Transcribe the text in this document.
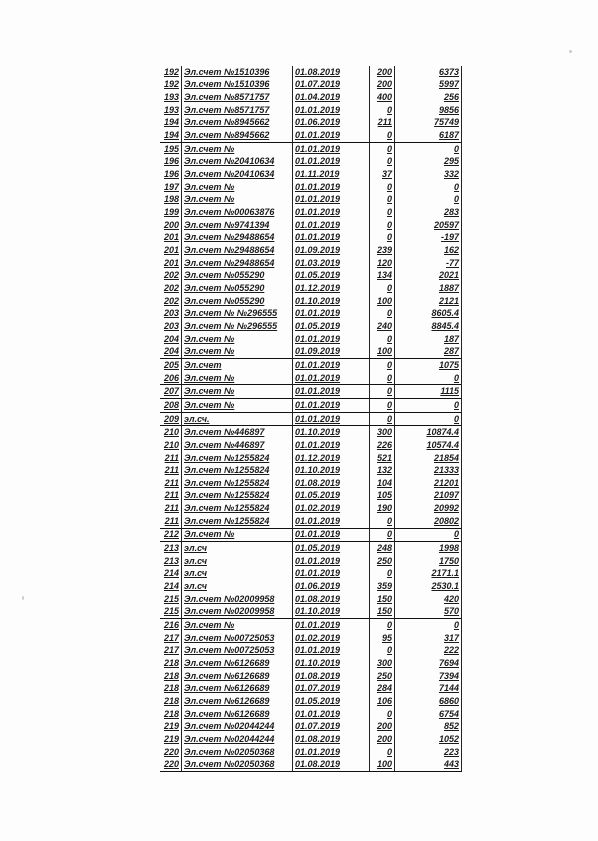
192	Эл.счет №1510396	01.08.2019	200	6373
192	Эл.счет №1510396	01.07.2019	200	5997
193	Эл.счет №8571757	01.04.2019	400	256
193	Эл.счет №8571757	01.01.2019	0	9856
194	Эл.счет №8945662	01.06.2019	211	75749
194	Эл.счет №8945662	01.01.2019	0	6187
195	Эл.счет №	01.01.2019	0	0
196	Эл.счет №20410634	01.01.2019	0	295
196	Эл.счет №20410634	01.11.2019	37	332
197	Эл.счет №	01.01.2019	0	0
198	Эл.счет №	01.01.2019	0	0
199	Эл.счет №00063876	01.01.2019	0	283
200	Эл.счет №9741394	01.01.2019	0	20597
201	Эл.счет №29488654	01.01.2019	0	-197
201	Эл.счет №29488654	01.09.2019	239	162
201	Эл.счет №29488654	01.03.2019	120	-77
202	Эл.счет №055290	01.05.2019	134	2021
202	Эл.счет №055290	01.12.2019	0	1887
202	Эл.счет №055290	01.10.2019	100	2121
203	Эл.счет № №296555	01.01.2019	0	8605.4
203	Эл.счет № №296555	01.05.2019	240	8845.4
204	Эл.счет №	01.01.2019	0	187
204	Эл.счет №	01.09.2019	100	287
205	Эл.счет	01.01.2019	0	1075
206	Эл.счет №	01.01.2019	0	0
207	Эл.счет №	01.01.2019	0	1115
208	Эл.счет №	01.01.2019	0	0
209	эл.сч.	01.01.2019	0	0
210	Эл.счет №446897	01.10.2019	300	10874.4
210	Эл.счет №446897	01.01.2019	226	10574.4
211	Эл.счет №1255824	01.12.2019	521	21854
211	Эл.счет №1255824	01.10.2019	132	21333
211	Эл.счет №1255824	01.08.2019	104	21201
211	Эл.счет №1255824	01.05.2019	105	21097
211	Эл.счет №1255824	01.02.2019	190	20992
211	Эл.счет №1255824	01.01.2019	0	20802
212	Эл.счет №	01.01.2019	0	0
213	эл.сч	01.05.2019	248	1998
213	эл.сч	01.01.2019	250	1750
214	эл.сч	01.01.2019	0	2171.1
214	эл.сч	01.06.2019	359	2530.1
215	Эл.счет №02009958	01.08.2019	150	420
215	Эл.счет №02009958	01.10.2019	150	570
216	Эл.счет №	01.01.2019	0	0
217	Эл.счет №00725053	01.02.2019	95	317
217	Эл.счет №00725053	01.01.2019	0	222
218	Эл.счет №6126689	01.10.2019	300	7694
218	Эл.счет №6126689	01.08.2019	250	7394
218	Эл.счет №6126689	01.07.2019	284	7144
218	Эл.счет №6126689	01.05.2019	106	6860
218	Эл.счет №6126689	01.01.2019	0	6754
219	Эл.счет №02044244	01.07.2019	200	852
219	Эл.счет №02044244	01.08.2019	200	1052
220	Эл.счет №02050368	01.01.2019	0	223
220	Эл.счет №02050368	01.08.2019	100	443
